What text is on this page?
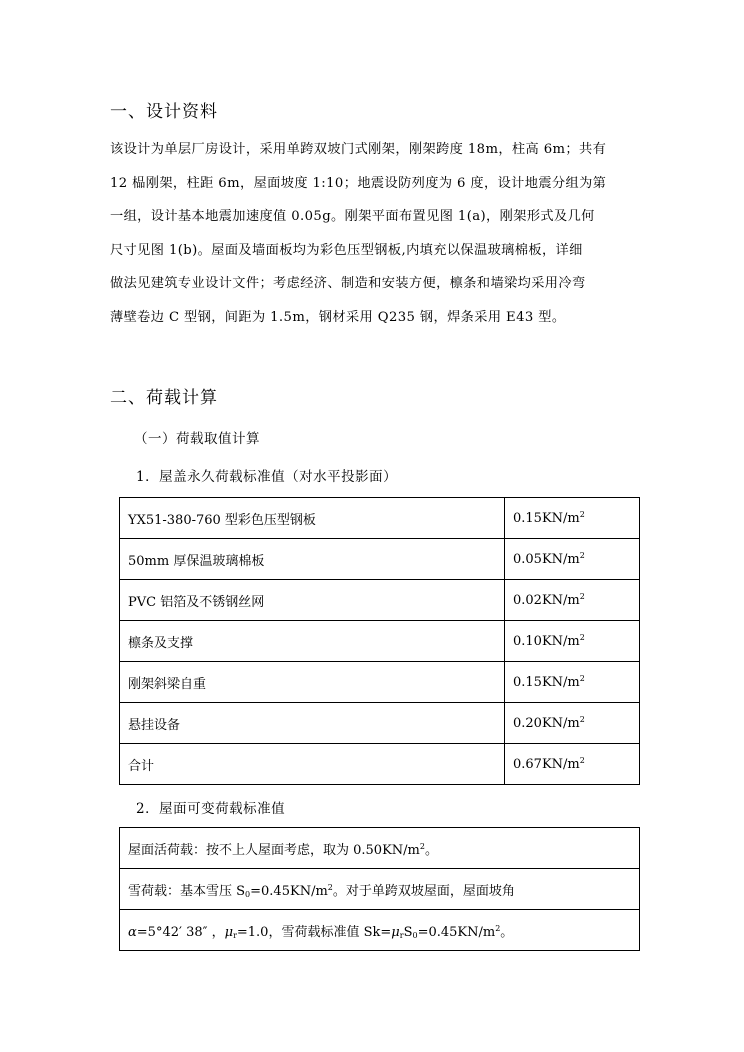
一、设计资料
该设计为单层厂房设计，采用单跨双坡门式刚架，刚架跨度 18m，柱高 6m；共有
12 榀刚架，柱距 6m，屋面坡度 1:10；地震设防列度为 6 度，设计地震分组为第
一组，设计基本地震加速度值 0.05g。刚架平面布置见图 1(a)，刚架形式及几何
尺寸见图 1(b)。屋面及墙面板均为彩色压型钢板,内填充以保温玻璃棉板，详细
做法见建筑专业设计文件；考虑经济、制造和安装方便，檩条和墙梁均采用冷弯
薄壁卷边 C 型钢，间距为 1.5m，钢材采用 Q235 钢，焊条采用 E43 型。
二、荷载计算
（一）荷载取值计算
1．屋盖永久荷载标准值（对水平投影面）
YX51-380-760 型彩色压型钢板	$0.15KN/m^2$
50mm 厚保温玻璃棉板	$0.05KN/m^2$
PVC 铝箔及不锈钢丝网	$0.02KN/m^2$
檩条及支撑	$0.10KN/m^2$
刚架斜梁自重	$0.15KN/m^2$
悬挂设备	$0.20KN/m^2$
合计	$0.67KN/m^2$
2．屋面可变荷载标准值
屋面活荷载：按不上人屋面考虑，取为 $0.50KN/m^2$。
雪荷载：基本雪压 $S_0=0.45KN/m^2$。对于单跨双坡屋面，屋面坡角
α=5°42′ 38″ ，$\mu_r=1.0$，雪荷载标准值 $Sk=\mu_rS_0=0.45KN/m^2$。
